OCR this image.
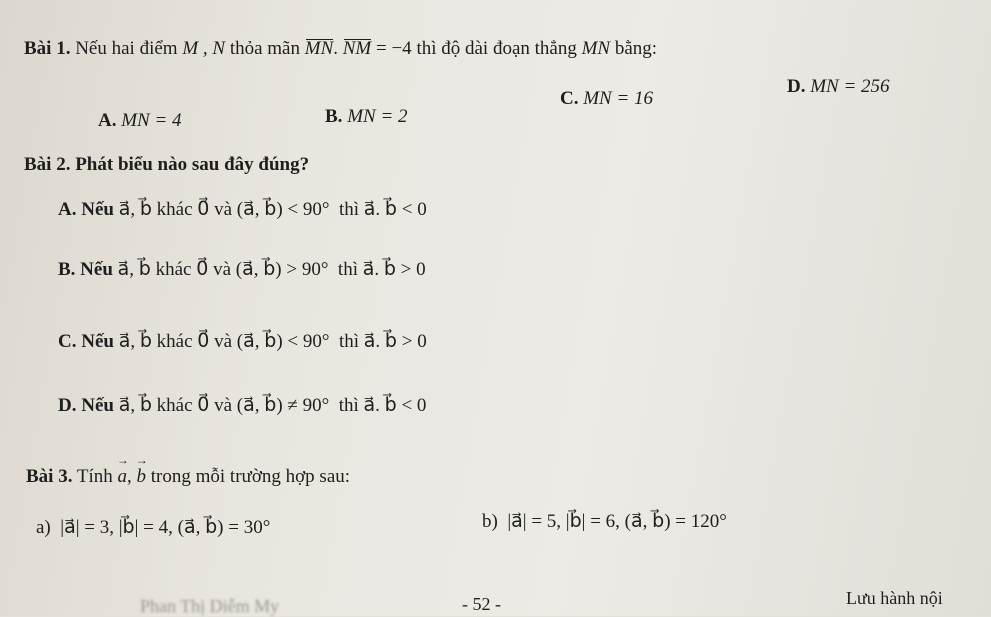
Bài 1. Nếu hai điểm M , N thỏa mãn MN. NM = −4 thì độ dài đoạn thẳng MN bằng:
A. MN = 4	B. MN = 2
C. MN = 16
D. MN = 256
Bài 2. Phát biểu nào sau đây đúng?
A. Nếu a⃗, b⃗ khác 0⃗ và (a⃗, b⃗) < 90° thì a⃗. b⃗ < 0
B. Nếu a⃗, b⃗ khác 0⃗ và (a⃗, b⃗) > 90° thì a⃗. b⃗ > 0
C. Nếu a⃗, b⃗ khác 0⃗ và (a⃗, b⃗) < 90° thì a⃗. b⃗ > 0
D. Nếu a⃗, b⃗ khác 0⃗ và (a⃗, b⃗) ≠ 90° thì a⃗. b⃗ < 0
Bài 3. Tính → a, → b trong mỗi trường hợp sau:
a) |a⃗| = 3, |b⃗| = 4, (a⃗, b⃗) = 30°	b) |a⃗| = 5, |b⃗| = 6, (a⃗, b⃗) = 120°
Phan Thị Diễm My	- 52 -	Lưu hành nội
